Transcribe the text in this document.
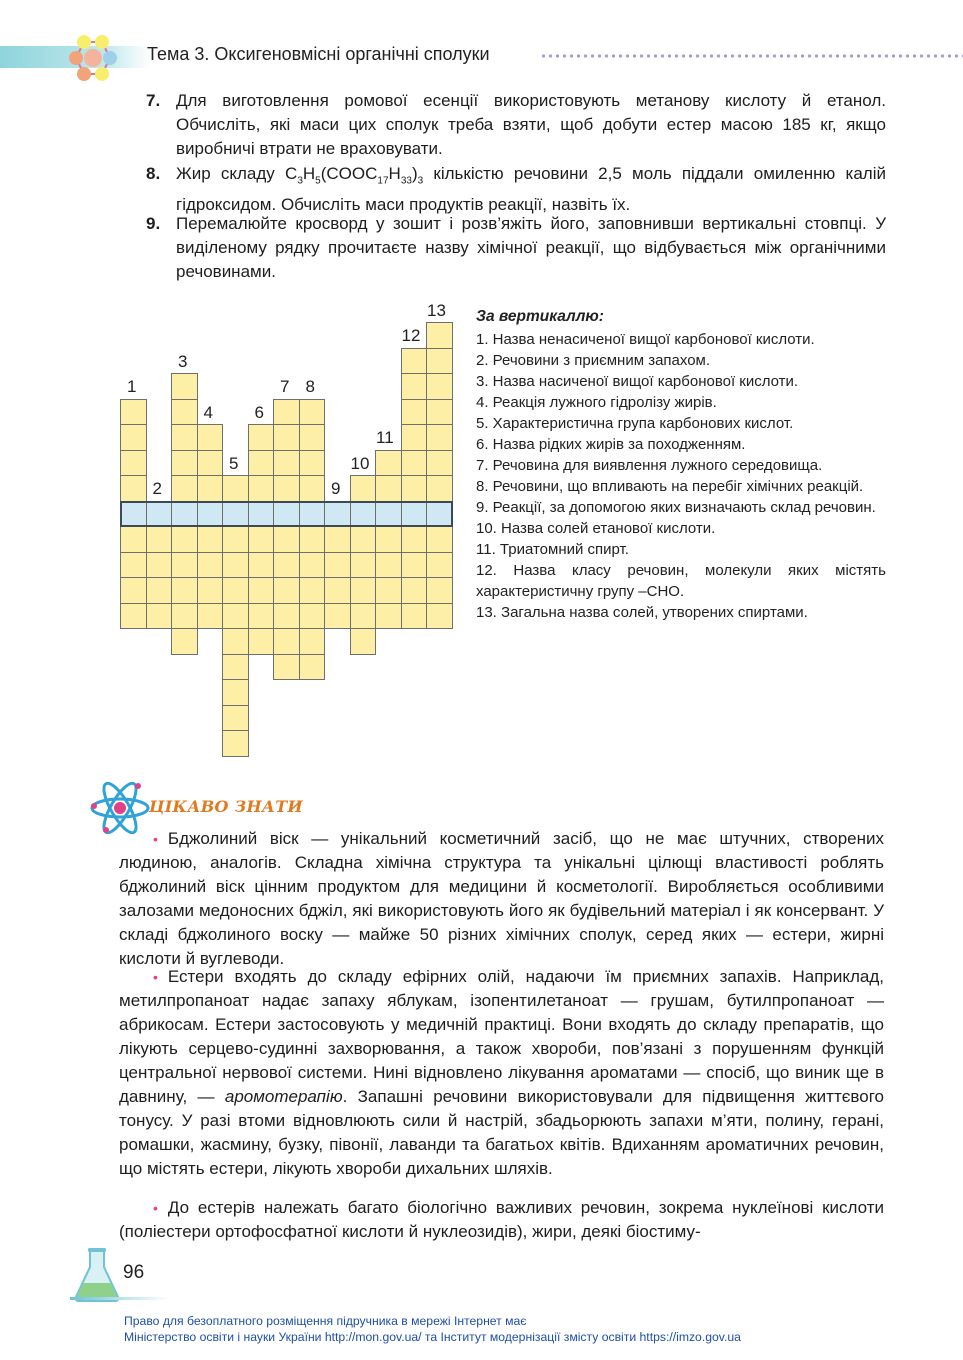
Тема 3. Оксигеновмісні органічні сполуки
7. Для виготовлення ромової есенції використовують метанову кислоту й етанол. Обчисліть, які маси цих сполук треба взяти, щоб добути естер масою 185 кг, якщо виробничі втрати не враховувати.
8. Жир складу $C_3H_5(COOC_{17}H_{33})_3$ кількістю речовини 2,5 моль піддали омиленню калій гідроксидом. Обчисліть маси продуктів реакції, назвіть їх.
9. Перемалюйте кросворд у зошит і розв’яжіть його, заповнивши вертикальні стовпці. У виділеному рядку прочитаєте назву хімічної реакції, що відбувається між органічними речовинами.
1
2
3
4
5
6
7 8
9
10
11
12
13 За вертикаллю:
1. Назва ненасиченої вищої карбонової кислоти.
2. Речовини з приємним запахом.
3. Назва насиченої вищої карбонової кислоти.
4. Реакція лужного гідролізу жирів.
5. Характеристична група карбонових кислот.
6. Назва рідких жирів за походженням.
7. Речовина для виявлення лужного середовища.
8. Речовини, що впливають на перебіг хімічних реакцій.
9. Реакції, за допомогою яких визначають склад речовин.
10. Назва солей етанової кислоти.
11. Триатомний спирт.
12. Назва класу речовин, молекули яких містять характеристичну групу –CHO.
13. Загальна назва солей, утворених спиртами.
ЦІКАВО ЗНАТИ
• Бджолиний віск — унікальний косметичний засіб, що не має штучних, створених людиною, аналогів. Складна хімічна структура та унікальні цілющі властивості роблять бджолиний віск цінним продуктом для медицини й косметології. Виробляється особливими залозами медоносних бджіл, які використовують його як будівельний матеріал і як консервант. У складі бджолиного воску — майже 50 різних хімічних сполук, серед яких — естери, жирні кислоти й вуглеводи.
• Естери входять до складу ефірних олій, надаючи їм приємних запахів. Наприклад, метилпропаноат надає запаху яблукам, ізопентилетаноат — грушам, бутилпропаноат — абрикосам. Естери застосовують у медичній практиці. Вони входять до складу препаратів, що лікують серцево-судинні захворювання, а також хвороби, пов’язані з порушенням функцій центральної нервової системи. Нині відновлено лікування ароматами — спосіб, що виник ще в давнину, — аромотерапію. Запашні речовини використовували для підвищення життєвого тонусу. У разі втоми відновлюють сили й настрій, збадьорюють запахи м’яти, полину, герані, ромашки, жасмину, бузку, півонії, лаванди та багатьох квітів. Вдиханням ароматичних речовин, що містять естери, лікують хвороби дихальних шляхів.
• До естерів належать багато біологічно важливих речовин, зокрема нуклеїнові кислоти (поліестери ортофосфатної кислоти й нуклеозидів), жири, деякі біостиму-
96
Право для безоплатного розміщення підручника в мережі Інтернет має
Міністерство освіти і науки України http://mon.gov.ua/ та Інститут модернізації змісту освіти https://imzo.gov.ua
